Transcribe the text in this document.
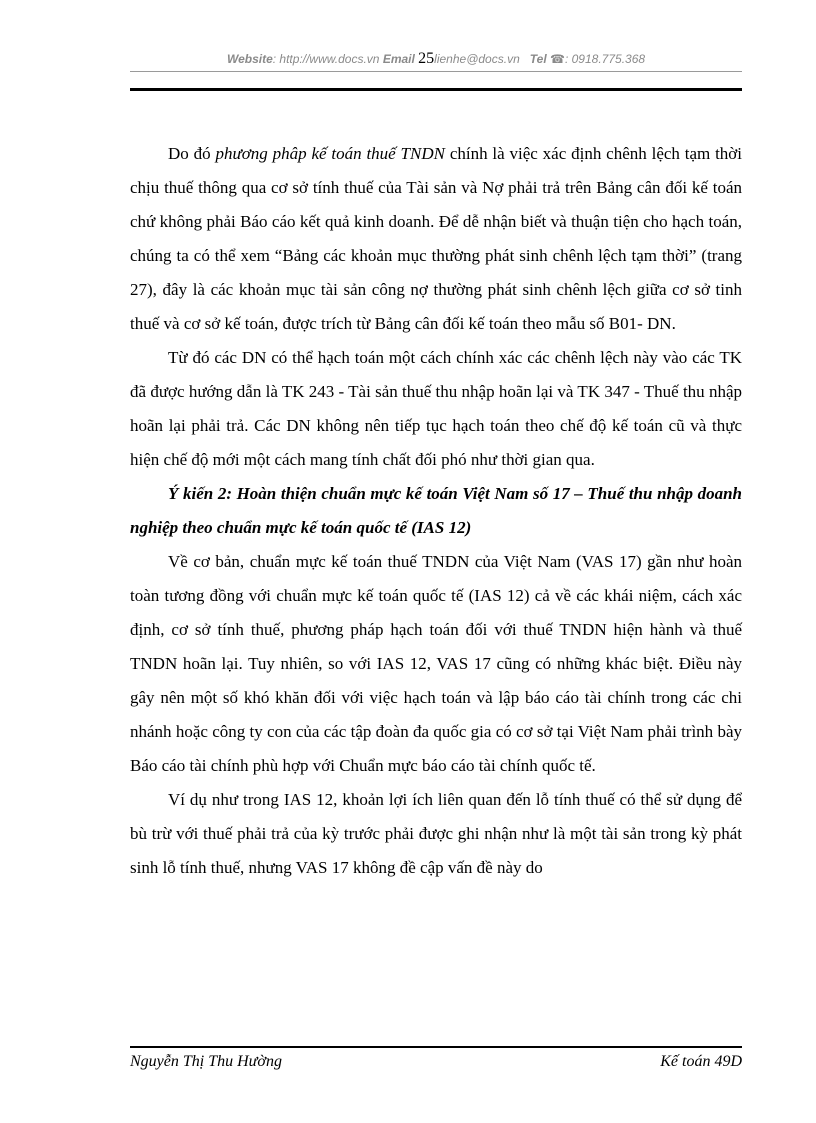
Website: http://www.docs.vn Email 25lienhe@docs.vn Tel ☎: 0918.775.368

Do đó phương phâp kế toán thuế TNDN chính là việc xác định chênh lệch tạm thời chịu thuế thông qua cơ sở tính thuế của Tài sản và Nợ phải trả trên Bảng cân đối kế toán chứ không phải Báo cáo kết quả kinh doanh. Để dễ nhận biết và thuận tiện cho hạch toán, chúng ta có thể xem “Bảng các khoản mục thường phát sinh chênh lệch tạm thời” (trang 27), đây là các khoản mục tài sản công nợ thường phát sinh chênh lệch giữa cơ sở tinh thuế và cơ sở kế toán, được trích từ Bảng cân đối kế toán theo mẫu số B01- DN.

Từ đó các DN có thể hạch toán một cách chính xác các chênh lệch này vào các TK đã được hướng dẫn là TK 243 - Tài sản thuế thu nhập hoãn lại và TK 347 - Thuế thu nhập hoãn lại phải trả. Các DN không nên tiếp tục hạch toán theo chế độ kế toán cũ và thực hiện chế độ mới một cách mang tính chất đối phó như thời gian qua.

Ý kiến 2: Hoàn thiện chuẩn mực kế toán Việt Nam số 17 – Thuế thu nhập doanh nghiệp theo chuẩn mực kế toán quốc tế (IAS 12)

Về cơ bản, chuẩn mực kế toán thuế TNDN của Việt Nam (VAS 17) gần như hoàn toàn tương đồng với chuẩn mực kế toán quốc tế (IAS 12) cả về các khái niệm, cách xác định, cơ sở tính thuế, phương pháp hạch toán đối với thuế TNDN hiện hành và thuế TNDN hoãn lại. Tuy nhiên, so với IAS 12, VAS 17 cũng có những khác biệt. Điều này gây nên một số khó khăn đối với việc hạch toán và lập báo cáo tài chính trong các chi nhánh hoặc công ty con của các tập đoàn đa quốc gia có cơ sở tại Việt Nam phải trình bày Báo cáo tài chính phù hợp với Chuẩn mực báo cáo tài chính quốc tế.

Ví dụ như trong IAS 12, khoản lợi ích liên quan đến lỗ tính thuế có thể sử dụng để bù trừ với thuế phải trả của kỳ trước phải được ghi nhận như là một tài sản trong kỳ phát sinh lỗ tính thuế, nhưng VAS 17 không đề cập vấn đề này do

Nguyễn Thị Thu Hường	Kế toán 49D
